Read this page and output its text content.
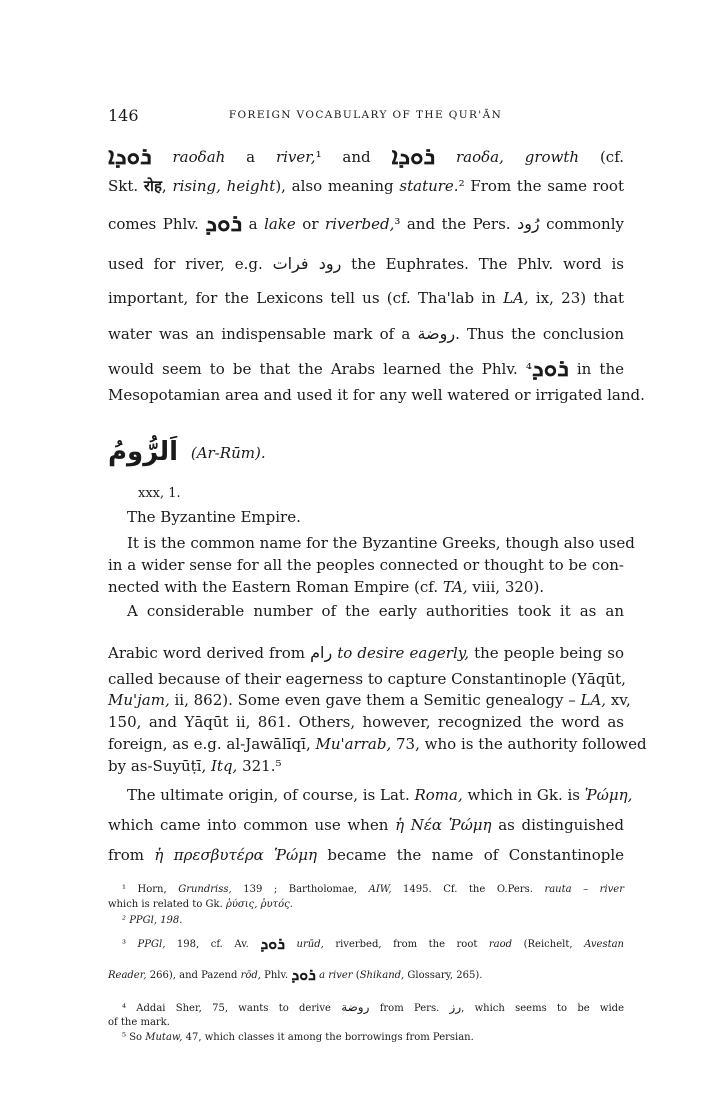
146	FOREIGN VOCABULARY OF THE QUR'ĀN
ܪܘܕܐ raoδah a river,¹ and ܪܘܕܐ raoδa, growth (cf.
Skt. रोह, rising, height), also meaning stature.² From the same root
comes Phlv. ܪܘܕ a lake or riverbed,³ and the Pers. رُود commonly
used for river, e.g. رود فرات the Euphrates. The Phlv. word is
important, for the Lexicons tell us (cf. Tha'lab in LA, ix, 23) that
water was an indispensable mark of a روضة. Thus the conclusion
would seem to be that the Arabs learned the Phlv. ܪܘܕ⁴ in the
Mesopotamian area and used it for any well watered or irrigated land.
اَلرُّومُ (Ar-Rūm).
xxx, 1.
The Byzantine Empire.
It is the common name for the Byzantine Greeks, though also used
in a wider sense for all the peoples connected or thought to be con-
nected with the Eastern Roman Empire (cf. TA, viii, 320).
A considerable number of the early authorities took it as an
Arabic word derived from رام to desire eagerly, the people being so
called because of their eagerness to capture Constantinople (Yāqūt,
Mu'jam, ii, 862). Some even gave them a Semitic genealogy – LA, xv,
150, and Yāqūt ii, 861. Others, however, recognized the word as
foreign, as e.g. al-Jawālīqī, Mu'arrab, 73, who is the authority followed
by as-Suyūṭī, Itq, 321.⁵
The ultimate origin, of course, is Lat. Roma, which in Gk. is Ῥώμη,
which came into common use when ἡ Νέα Ῥώμη as distinguished
from ἡ πρεσβυτέρα Ῥώμη became the name of Constantinople
¹ Horn, Grundriss, 139 ; Bartholomae, AIW, 1495. Cf. the O.Pers. rauta – river
which is related to Gk. ῥύσις, ῥυτός.
² PPGl, 198.
³ PPGl, 198, cf. Av. ܪܘܕ urūd, riverbed, from the root raod (Reichelt, Avestan
Reader, 266), and Pazend rōd, Phlv. ܪܘܕ a river (Shikand, Glossary, 265).
⁴ Addai Sher, 75, wants to derive روضة from Pers. رز, which seems to be wide
of the mark.
⁵ So Mutaw, 47, which classes it among the borrowings from Persian.
